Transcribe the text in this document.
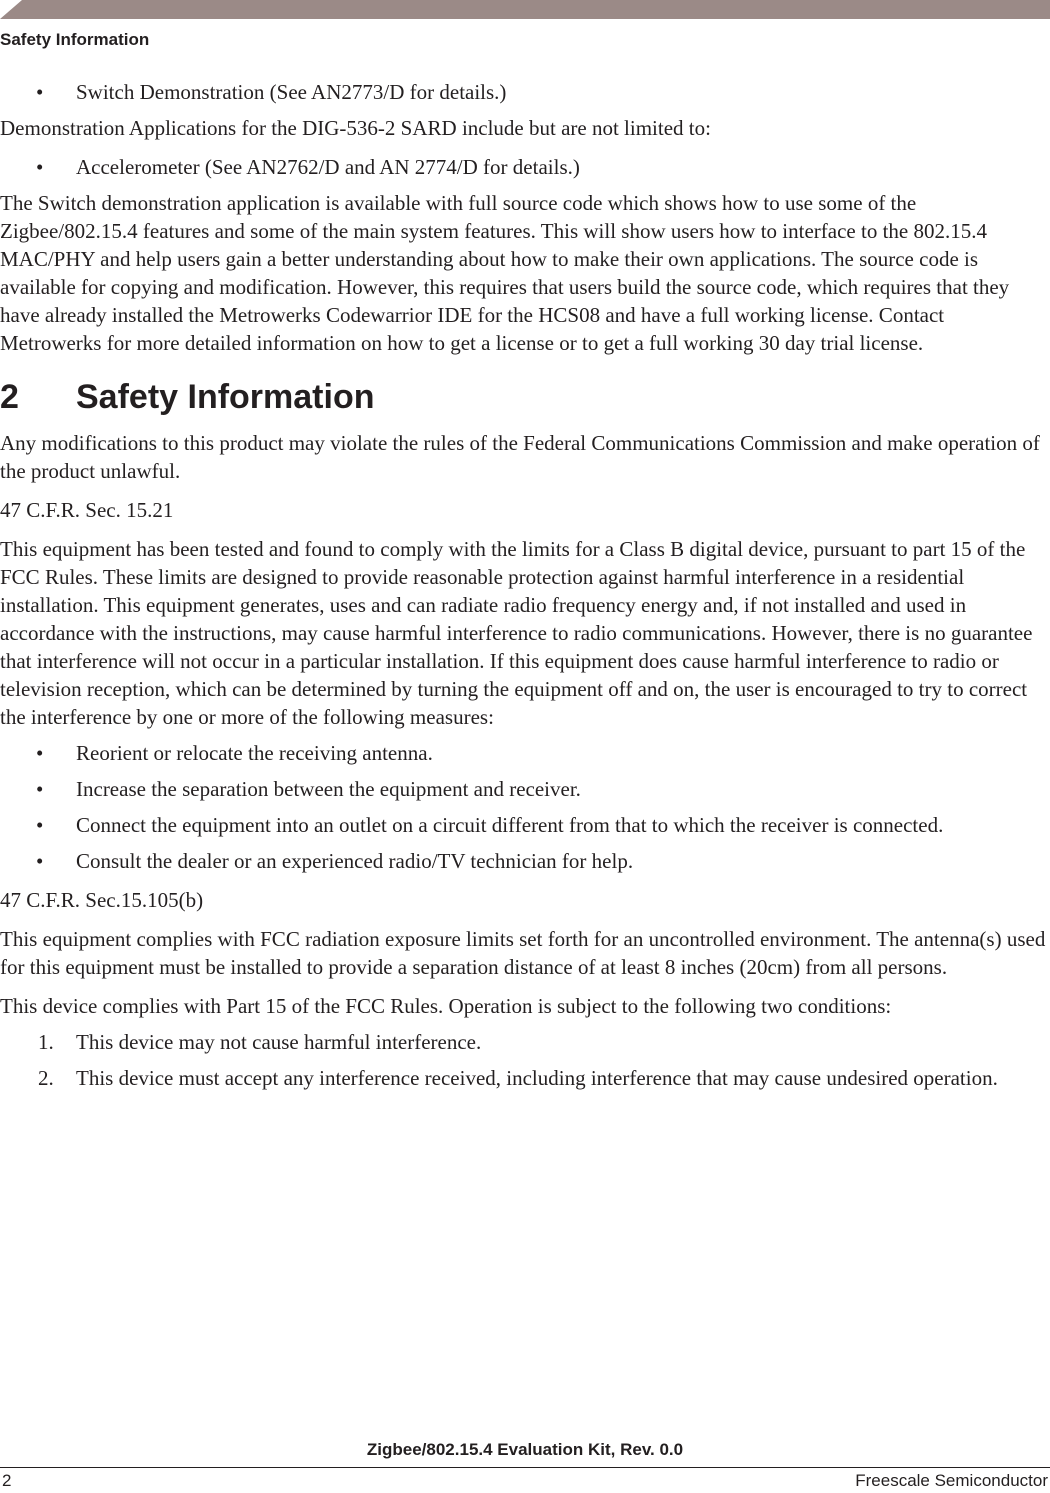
Safety Information
• Switch Demonstration (See AN2773/D for details.)

Demonstration Applications for the DIG-536-2 SARD include but are not limited to:

• Accelerometer (See AN2762/D and AN 2774/D for details.)

The Switch demonstration application is available with full source code which shows how to use some of the Zigbee/802.15.4 features and some of the main system features. This will show users how to interface to the 802.15.4 MAC/PHY and help users gain a better understanding about how to make their own applications. The source code is available for copying and modification. However, this requires that users build the source code, which requires that they have already installed the Metrowerks Codewarrior IDE for the HCS08 and have a full working license. Contact Metrowerks for more detailed information on how to get a license or to get a full working 30 day trial license.

2	Safety Information

Any modifications to this product may violate the rules of the Federal Communications Commission and make operation of the product unlawful.

47 C.F.R. Sec. 15.21

This equipment has been tested and found to comply with the limits for a Class B digital device, pursuant to part 15 of the FCC Rules. These limits are designed to provide reasonable protection against harmful interference in a residential installation. This equipment generates, uses and can radiate radio frequency energy and, if not installed and used in accordance with the instructions, may cause harmful interference to radio communications. However, there is no guarantee that interference will not occur in a particular installation. If this equipment does cause harmful interference to radio or television reception, which can be determined by turning the equipment off and on, the user is encouraged to try to correct the interference by one or more of the following measures:

• Reorient or relocate the receiving antenna.
• Increase the separation between the equipment and receiver.
• Connect the equipment into an outlet on a circuit different from that to which the receiver is connected.
• Consult the dealer or an experienced radio/TV technician for help.

47 C.F.R. Sec.15.105(b)

This equipment complies with FCC radiation exposure limits set forth for an uncontrolled environment. The antenna(s) used for this equipment must be installed to provide a separation distance of at least 8 inches (20cm) from all persons.

This device complies with Part 15 of the FCC Rules. Operation is subject to the following two conditions:

1. This device may not cause harmful interference.
2. This device must accept any interference received, including interference that may cause undesired operation.
Zigbee/802.15.4 Evaluation Kit, Rev. 0.0
2	Freescale Semiconductor
